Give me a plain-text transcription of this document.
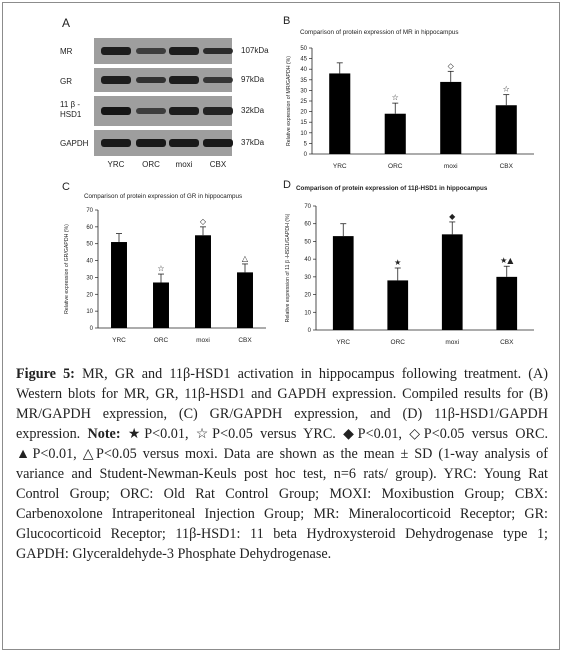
A
MR	107kDa
GR	97kDa
11 β -
HSD1	32kDa
GAPDH	37kDa
YRC	ORC	moxi	CBX
B
Comparison of protein expression of MR in hippocampus
Relative expression of MR/GAPDH (%)
0
5
10
15
20
25
30
35
40
45
50
YRC
☆
ORC
◇
moxi
☆
CBX
C
Comparison of protein expression of GR in hippocampus
Relative expression of GR/GAPDH (%)
0
10
20
30
40
50
60
70
YRC
☆
ORC
◇
moxi
△
CBX
D Comparison of protein expression of 11β-HSD1 in hippocampus
Relative expression of 11 β -HSD1/GAPDH (%)
0
10
20
30
40
50
60
70
YRC
★
ORC
◆
moxi
★▲
CBX
Figure 5: MR, GR and 11β-HSD1 activation in hippocampus following treatment. (A) Western blots for MR, GR, 11β-HSD1 and GAPDH expression. Compiled results for (B) MR/GAPDH expression, (C) GR/GAPDH expression, and (D) 11β-HSD1/GAPDH expression. Note: ★P<0.01, ☆P<0.05 versus YRC. ◆P<0.01, ◇P<0.05 versus ORC. ▲P<0.01, △P<0.05 versus moxi. Data are shown as the mean ± SD (1-way analysis of variance and Student-Newman-Keuls post hoc test, n=6 rats/ group). YRC: Young Rat Control Group; ORC: Old Rat Control Group; MOXI: Moxibustion Group; CBX: Carbenoxolone Intraperitoneal Injection Group; MR: Mineralocorticoid Receptor; GR: Glucocorticoid Receptor; 11β-HSD1: 11 beta Hydroxysteroid Dehydrogenase type 1; GAPDH: Glyceraldehyde-3 Phosphate Dehydrogenase.
